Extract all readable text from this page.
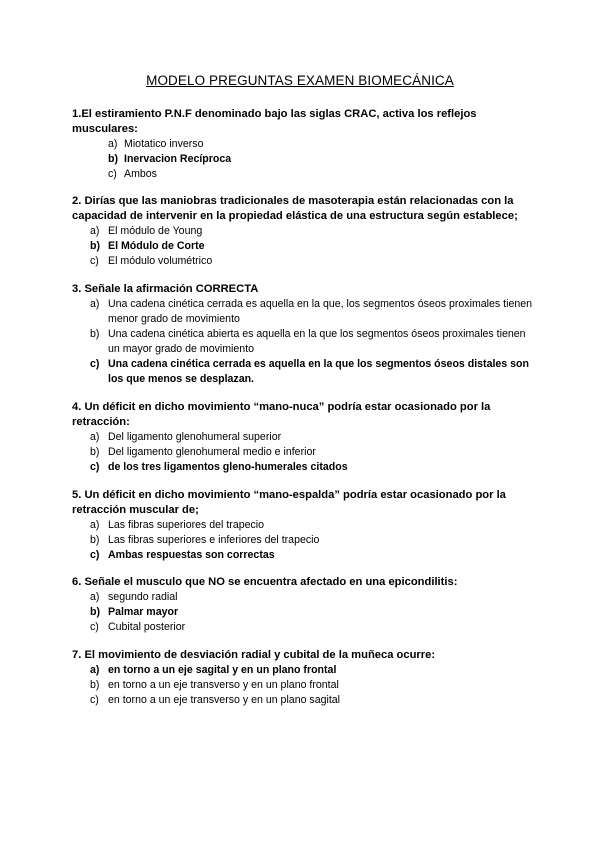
MODELO PREGUNTAS EXAMEN BIOMECÁNICA
1.El estiramiento P.N.F denominado bajo las siglas CRAC, activa los reflejos musculares:
a) Miotatico inverso
b) Inervacion Recíproca
c) Ambos
2. Dirías que las maniobras tradicionales de masoterapia están relacionadas con la capacidad de intervenir en la propiedad elástica de una estructura según establece;
a) El módulo de Young
b) El Módulo de Corte
c) El módulo volumétrico
3. Señale la afirmación CORRECTA
a) Una cadena cinética cerrada es aquella en la que, los segmentos óseos proximales tienen menor grado de movimiento
b) Una cadena cinética abierta es aquella en la que los segmentos óseos proximales tienen un mayor grado de movimiento
c) Una cadena cinética cerrada es aquella en la que los segmentos óseos distales son los que menos se desplazan.
4. Un déficit en dicho movimiento “mano-nuca” podría estar ocasionado por la retracción:
a) Del ligamento glenohumeral superior
b) Del ligamento glenohumeral medio e inferior
c) de los tres ligamentos gleno-humerales citados
5. Un déficit en dicho movimiento “mano-espalda” podría estar ocasionado por la retracción muscular de;
a) Las fibras superiores del trapecio
b) Las fibras superiores e inferiores del trapecio
c) Ambas respuestas son correctas
6. Señale el musculo que NO se encuentra afectado en una epicondilitis:
a) segundo radial
b) Palmar mayor
c) Cubital posterior
7. El movimiento de desviación radial y cubital de la muñeca ocurre:
a) en torno a un eje sagital y en un plano frontal
b) en torno a un eje transverso y en un plano frontal
c) en torno a un eje transverso y en un plano sagital
